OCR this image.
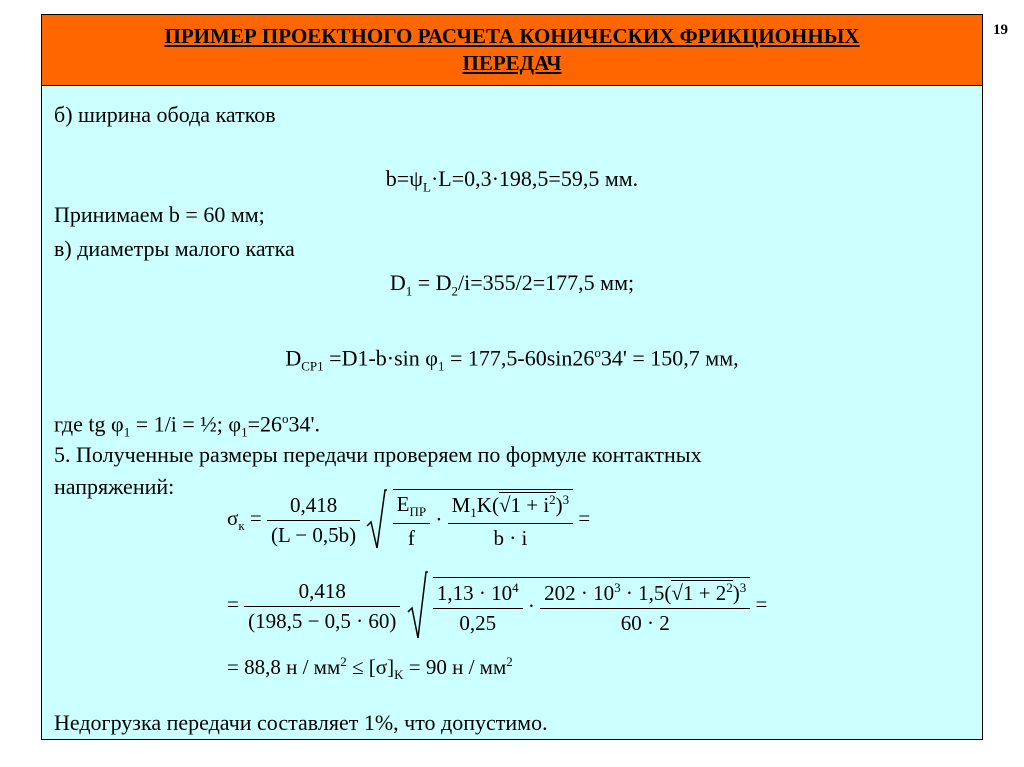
19
ПРИМЕР ПРОЕКТНОГО РАСЧЕТА КОНИЧЕСКИХ ФРИКЦИОННЫХ
ПЕРЕДАЧ
б) ширина обода катков
$b=\psi_L\cdot L=0,3\cdot 198,5=59,5$ мм.
Принимаем b = 60 мм;
в) диаметры малого катка
$D_1 = D_2/i=355/2=177,5$ мм;
$D_{CP1} =D1-b\cdot\sin$ $\varphi_1 = 177,5-60\sin 26^o34' = 150,7$ мм,
где tg $\varphi_1 = 1/i$ = ½; $\varphi_1=26^o34'$.
5. Полученные размеры передачи проверяем по формуле контактных
напряжений:
$\sigma_к = \frac{0,418}{(L - 0,5b)}$
$\frac{E_{ПР}}{f} \cdot \frac{M_1K(√1 + i^2)^3}{b \cdot i}$ =
= $\frac{0,418}{(198,5 - 0,5 \cdot 60)}$
$\frac{1,13 \cdot 10^4}{0,25} \cdot \frac{202 \cdot 10^3 \cdot 1,5(√1 + 2^2)^3}{60 \cdot 2}$ =
= 88,8 $н / мм^2 \le [\sigma]_K = 90$ н / $мм^2$
Недогрузка передачи составляет 1%, что допустимо.
